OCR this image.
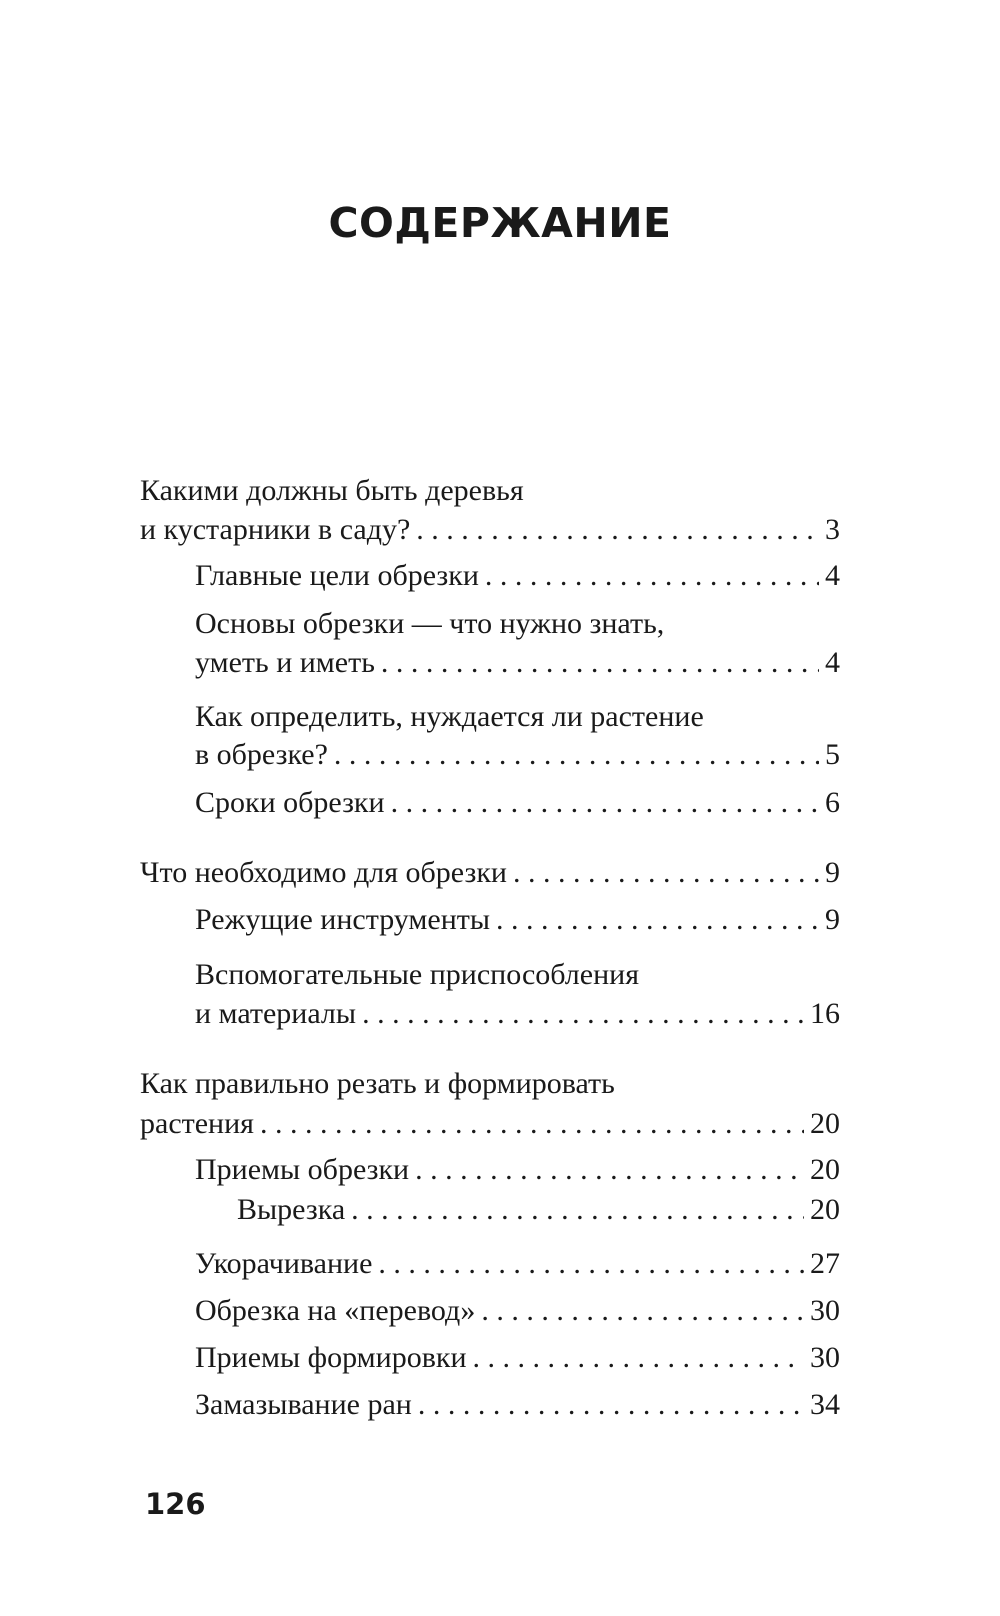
СОДЕРЖАНИЕ
Какими должны быть деревья
и кустарники в саду? . . .	3
Главные цели обрезки . . .	4
Основы обрезки — что нужно знать,
уметь и иметь . . .	4
Как определить, нуждается ли растение
в обрезке? . . .	5
Сроки обрезки . . .	6
Что необходимо для обрезки . . .	9
Режущие инструменты . . .	9
Вспомогательные приспособления
и материалы . . .	16
Как правильно резать и формировать
растения . . .	20
Приемы обрезки . . .	20
Вырезка . . .	20
Укорачивание . . .	27
Обрезка на «перевод» . . .	30
Приемы формировки . . .	30
Замазывание ран . . .	34
126
